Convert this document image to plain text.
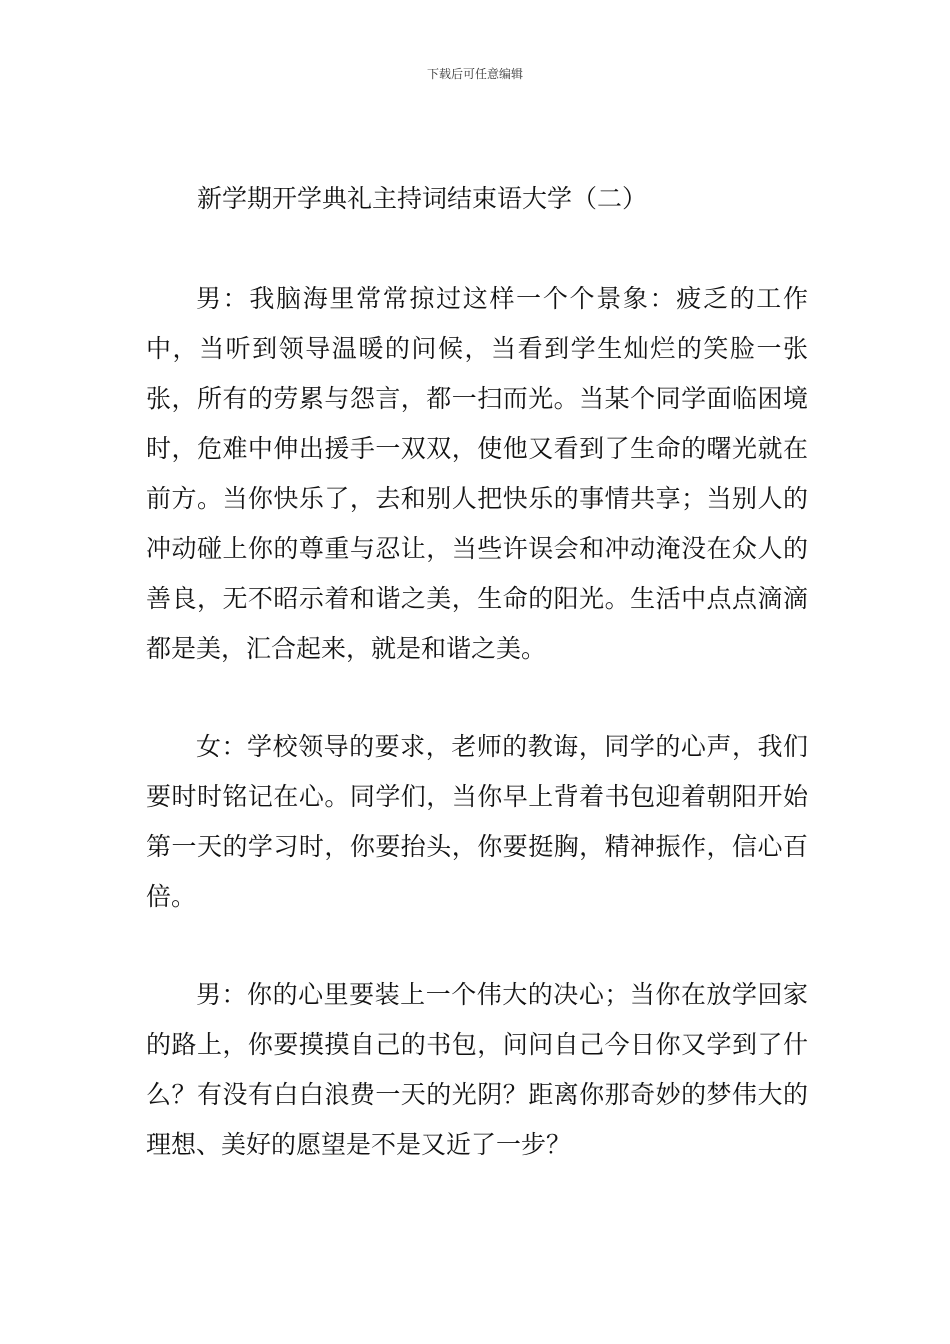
下载后可任意编辑
新学期开学典礼主持词结束语大学（二）

男：我脑海里常常掠过这样一个个景象：疲乏的工作中，当听到领导温暖的问候，当看到学生灿烂的笑脸一张张，所有的劳累与怨言，都一扫而光。当某个同学面临困境时，危难中伸出援手一双双，使他又看到了生命的曙光就在前方。当你快乐了，去和别人把快乐的事情共享；当别人的冲动碰上你的尊重与忍让，当些许误会和冲动淹没在众人的善良，无不昭示着和谐之美，生命的阳光。生活中点点滴滴都是美，汇合起来，就是和谐之美。

女：学校领导的要求，老师的教诲，同学的心声，我们要时时铭记在心。同学们，当你早上背着书包迎着朝阳开始第一天的学习时，你要抬头，你要挺胸，精神振作，信心百倍。

男：你的心里要装上一个伟大的决心；当你在放学回家的路上，你要摸摸自己的书包，问问自己今日你又学到了什么？有没有白白浪费一天的光阴？距离你那奇妙的梦伟大的理想、美好的愿望是不是又近了一步？
